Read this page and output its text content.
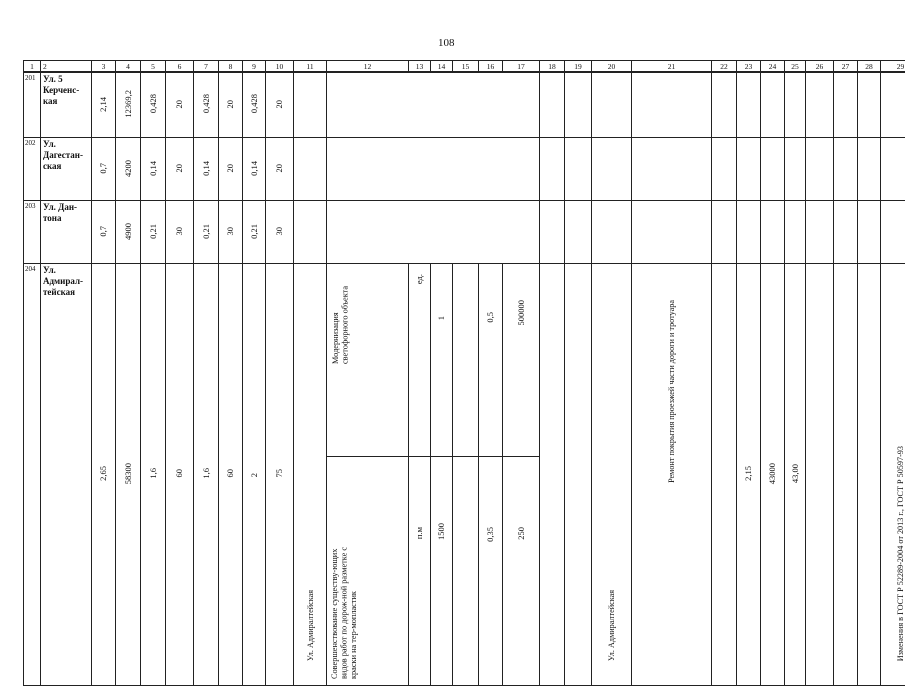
108
1	2	3	4	5	6	7	8	9	10	11	12	13	14	15	16	17	18	19	20	21	22	23	24	25	26	27	28	29
201	Ул. 5 Керченс-кая	2,14	12369,2	0,428	20	0,428	20	0,428	20																			
202	Ул. Дагестан-ская	0,7	4200	0,14	20	0,14	20	0,14	20																			
203	Ул. Дан-тона	0,7	4900	0,21	30	0,21	30	0,21	30																			
204	Ул. Адмирал-тейская	2,65	58300	1,6	60	1,6	60	2	75	Ул. Адмиралтейская	Модернизация светофорного объекта	ед.	1		0,5	500000			Ул. Адмиралтейская	Ремонт покрытия проезжей части дороги и тротуара		2,15	43000	43,00				Изменения в ГОСТ Р 52289-2004 от 2013 г., ГОСТ Р 50597-93
											Совершенствование существу-ющих видов работ по дорож-ной разметке с краски на тер-мопластик	п.м	1500		0,35	250												
